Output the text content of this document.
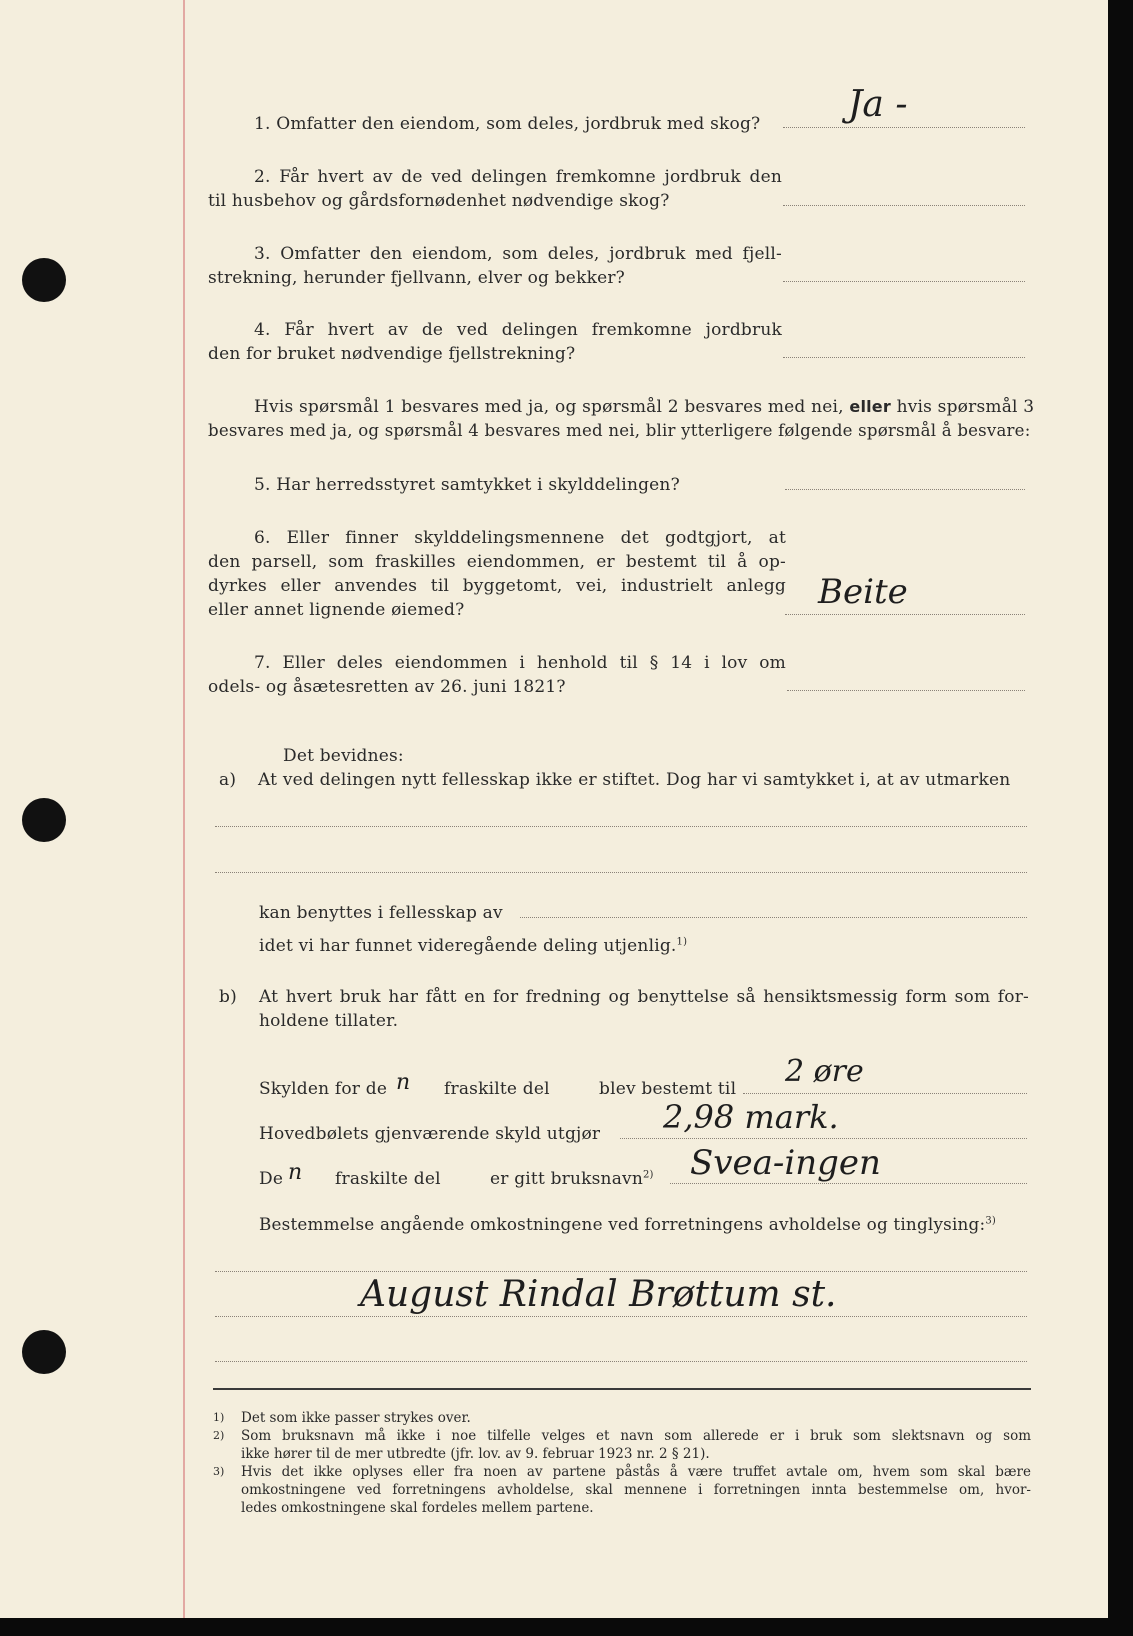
1. Omfatter den eiendom, som deles, jordbruk med skog? Ja -
2. Får hvert av de ved delingen fremkomne jordbruk den
til husbehov og gårdsfornødenhet nødvendige skog?
3. Omfatter den eiendom, som deles, jordbruk med fjell-
strekning, herunder fjellvann, elver og bekker?
4. Får hvert av de ved delingen fremkomne jordbruk
den for bruket nødvendige fjellstrekning?
Hvis spørsmål 1 besvares med ja, og spørsmål 2 besvares med nei, eller hvis spørsmål 3
besvares med ja, og spørsmål 4 besvares med nei, blir ytterligere følgende spørsmål å besvare:
5. Har herredsstyret samtykket i skylddelingen?
6. Eller finner skylddelingsmennene det godtgjort, at
den parsell, som fraskilles eiendommen, er bestemt til å op-
dyrkes eller anvendes til byggetomt, vei, industrielt anlegg
eller annet lignende øiemed?	Beite
7. Eller deles eiendommen i henhold til § 14 i lov om
odels- og åsætesretten av 26. juni 1821?
Det bevidnes:
a) At ved delingen nytt fellesskap ikke er stiftet. Dog har vi samtykket i, at av utmarken
kan benyttes i fellesskap av
idet vi har funnet videregående deling utjenlig.$^{1)}$
b) At hvert bruk har fått en for fredning og benyttelse så hensiktsmessig form som for-
holdene tillater.
Skylden for de n fraskilte del	blev bestemt til 2 øre
Hovedbølets gjenværende skyld utgjør 2,98 mark.
De n fraskilte del	er gitt bruksnavn$^{2)}$ Svea-ingen
Bestemmelse angående omkostningene ved forretningens avholdelse og tinglysing:$^{3)}$
August Rindal Brøttum st.
1) Det som ikke passer strykes over.
2) Som bruksnavn må ikke i noe tilfelle velges et navn som allerede er i bruk som slektsnavn og som
ikke hører til de mer utbredte (jfr. lov. av 9. februar 1923 nr. 2 § 21).
3) Hvis det ikke oplyses eller fra noen av partene påstås å være truffet avtale om, hvem som skal bære
omkostningene ved forretningens avholdelse, skal mennene i forretningen innta bestemmelse om, hvor-
ledes omkostningene skal fordeles mellem partene.
